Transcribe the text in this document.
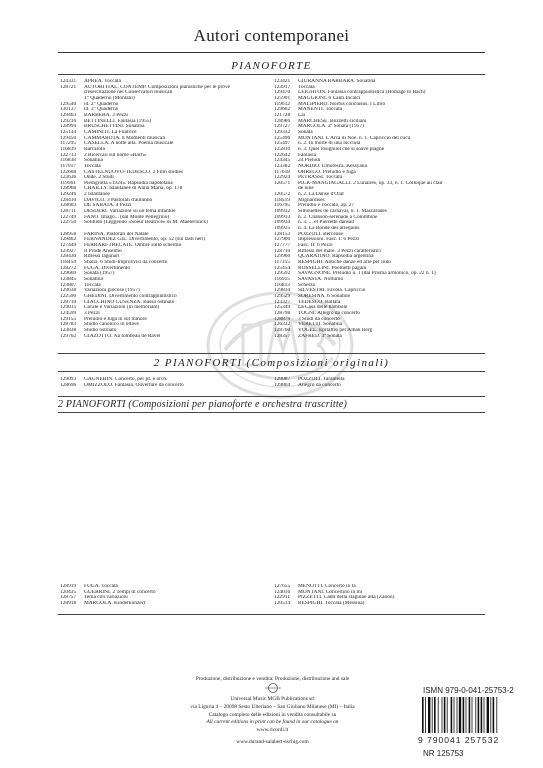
Autori contemporanei
PIANOFORTE
124331	APREA. Toccata
128721	AUTORI ITAL. CONTEMP. Composizioni pianistiche per le prove
d'esercitazione nei Conservatori musicali
1° Quaderno (Montani)
129540	id. 2° Quaderno
130137	id. 3° Quaderno
129463	BARBERA. 3 Pezzi
129216	BETTINELLI. Fantasia (1955)
128994	BRUSCHETTINI. Sonatina
125134	CAMINITI. La Filatrice
129450	CAMMAROTA. 8 Momenti musicali
117295	CASELLA. A notte alta. Poema musicale
116839	Barcarola
122713	2 Ricercari sul nome «Bach»
116838	Sonatina
117017	Toccata
122608	CASTELNUOVO-TEDESCO. 2 Film studies
123636	Onde. 2 Studi
119961	Piedigrotta «1924». Rapsodia napoletana
128968	CHAILLY. Istantanee di Anna Maria, op. 178
129246	2 Istantanee
128410	DAVICO. 3 Pastorali d'autunno
128603	DE SABATA. 4 Pezzi
128711	DESDERI. Variazioni su un tema infantile
122749	FANO. Imago... (dal Monte Pellegrino)
122750	Solitudo (Leggendo «Soeur Béatrice» di M. Maeterlinck)
128958	FARINA. Pastorali del Natale
129462	FERNÁNDEZ GIL. Divertimento, op. 52 (sui tasti neri)
127449	FERRARI-TRECATE. Ombre sullo schermo
123927	Il Prode Anselmo
128430	Riflessi lagunari
118454	Sbalzi. 6 Studi-Improvvisi da concerto
128272	FUGA. Divertimento
129669	Sonata (1957)
123845	Sonatina
123807	Toccata
129638	Variazioni giocose (1957)
122590	GHEDINI. Divertimento contrappuntistico
128710	GIACCHINO CUSENZA. Basso ostinato
129015	Corale e Variazioni (in memoriam)
124599	3 Pezzi
129155	Preludio e fuga in sol minore
128783	Studio canonico in ottave
123838	Studio ostinato
129762	GIAZOTTO. Au tombeau de Ravel
123421	GIURANNA BARBARA. Sonatina
123917	Toccata
129470	LEIGHTON. Fantasia contrappuntistica (Homage to Bach)
125901	MAGGIONI. 6 Canti Incaici
119612	MALIPIERO. Hortus conclusus. I Libro
129662	MANENTI. Toccata
121728	Lai
128986	MARCHESE. Bozzetti siciliani
129727	MARGOLA. 2ª Sonata (1957)
129332	Sonata
125496	MONTANI. L'Arca di Noè. n. 1. Capriccio del cucù
125497	n. 2. In morte di una lucciola
125810	n. 3. Quel rosignuol che sì soave piagne
122642	Fantasia
124345	24 Preludi
123382	NORDIO. Umoresca. Kessyana
117618	ORREGO. Preludio e fuga
122924	PETRASSI. Toccata
120571	PICK-MANGIAGALLI. 2 Lunaires, op. 33, n. 1. Colloque au clair
de lune
120572	n. 2. La Danse d'Olaf
118519	Mignardises
116795	Preludio e Toccata, op. 27
109932	Silhouettes de carnaval, n. 1. Mascarades
109933	n. 2. Chanson-sérénade à Colombine
109934	n. 3. ... et Pierrette dansait
109935	n. 4. La Ronde des arlequins
128153	POZZOLI. Berceuse
127900	Impressioni. Fasc. I: 6 Pezzi
127777	Fasc. II: 6 Pezzi
128710	Riflessi del mare. 3 Pezzi caratteristici
129960	QUARATINO. Rapsodia argentina
117315	RESPIGHI. Antiche danze ed arie per liuto
125454	ROSSELLINI. Poemetti pagani
129592	SAVAGNONE. Preludio n. 1 (dal Prisma armonico, op. 22 n. 1)
116915	SAVASTA. Notturno
116813	Scherzo
129834	SILVESTRI. Favola. Capriccio
129529	SORESINA. 6 Sonatine
123327	TEDESCO. Ballata
125349	La Casa delle bambole
128798	TOGNI. Allegro da concerto
128879	3 Studi da concerto
126332	VERETTI. Sonatina
128760	VOGEL. Epitaffio per Alban Berg
128357	ZAFRED. 3ª Sonata
2 PIANOFORTI (Composizioni originali)
129093	GAGNEBIN. Concerto, per pf. e orch.
128696	OMIZZOLO. Fantasia. Ouverture da concerto
120087	POZZOLI. Tarantella
129804	Allegro da concerto
2 PIANOFORTI (Composizioni per pianoforte e orchestra trascritte)
128919	FUGA. Toccata
120435	GUERRINI. 2 Tempi di concerto
128757	Tema con variazioni
128918	MARGOLA. Kinderkonzert
127655	MENOTTI. Concerto in fa
124016	MONTANI. Concertino in mi
122911	PIZZETTI. Canti della stagione alta (Zanon)
120514	RESPIGHI. Toccata (Messina)
Produzione, distribuzione e vendita: Produzione, distribuzione and sale
Universal Music MGB Publications srl
via Liguria 4 – 20098 Sesto Ulteriano – San Giuliano Milanese (MI) – Italia
Catalogo completo delle edizioni in vendita consultabile su
All current editions in print can be found in our catalogue on
www.ricordi.it
www.durand-salabert-eschig.com
ISMN 979-0-041-25753-2
9 790041 257532
NR 125753
